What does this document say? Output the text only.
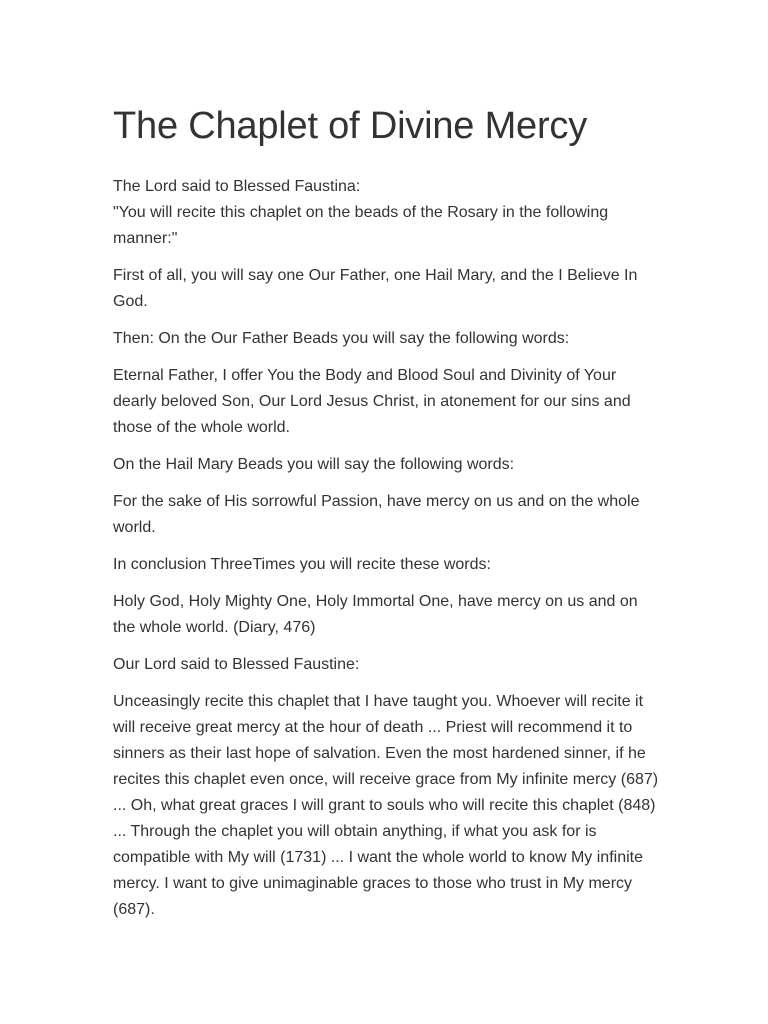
The Chaplet of Divine Mercy

The Lord said to Blessed Faustina:
"You will recite this chaplet on the beads of the Rosary in the following manner:"

First of all, you will say one Our Father, one Hail Mary, and the I Believe In God.

Then: On the Our Father Beads you will say the following words:

Eternal Father, I offer You the Body and Blood Soul and Divinity of Your dearly beloved Son, Our Lord Jesus Christ, in atonement for our sins and those of the whole world.

On the Hail Mary Beads you will say the following words:

For the sake of His sorrowful Passion, have mercy on us and on the whole world.

In conclusion ThreeTimes you will recite these words:

Holy God, Holy Mighty One, Holy Immortal One, have mercy on us and on the whole world. (Diary, 476)

Our Lord said to Blessed Faustine:

Unceasingly recite this chaplet that I have taught you. Whoever will recite it will receive great mercy at the hour of death ... Priest will recommend it to sinners as their last hope of salvation. Even the most hardened sinner, if he recites this chaplet even once, will receive grace from My infinite mercy (687) ... Oh, what great graces I will grant to souls who will recite this chaplet (848) ... Through the chaplet you will obtain anything, if what you ask for is compatible with My will (1731) ... I want the whole world to know My infinite mercy. I want to give unimaginable graces to those who trust in My mercy (687).
